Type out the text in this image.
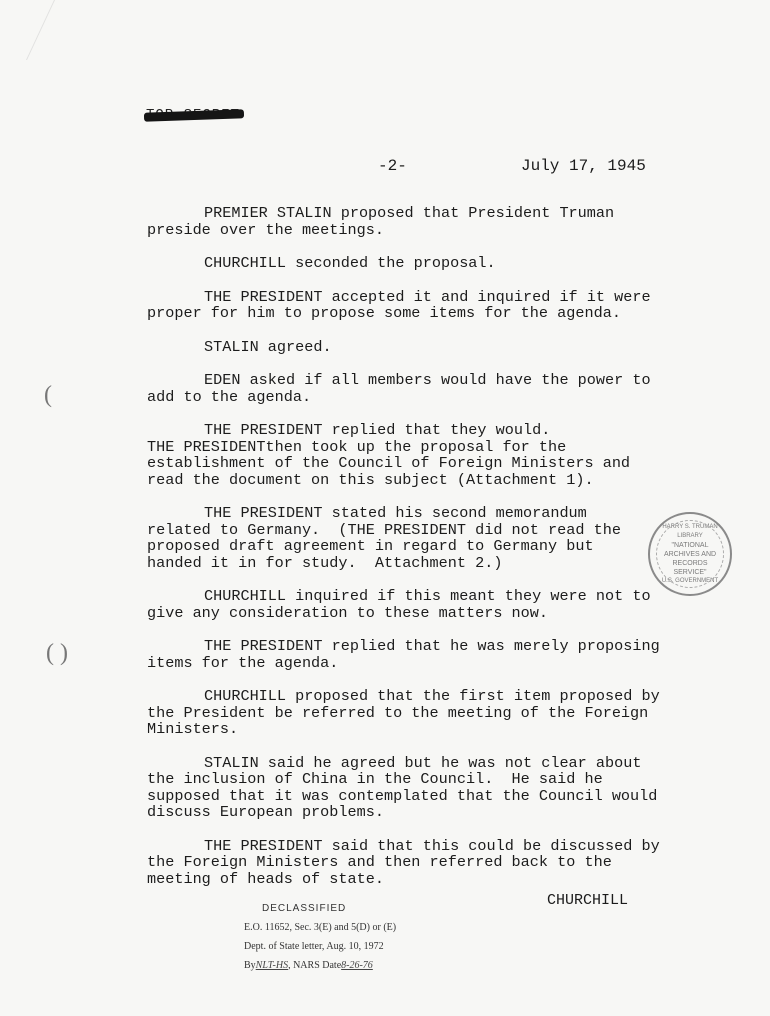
(
( )
-2-	July 17, 1945

PREMIER STALIN proposed that President Truman preside over the meetings.

CHURCHILL seconded the proposal.

THE PRESIDENT accepted it and inquired if it were proper for him to propose some items for the agenda.

STALIN agreed.

EDEN asked if all members would have the power to add to the agenda.

THE PRESIDENT replied that they would.
THE PRESIDENTthen took up the proposal for the establishment of the Council of Foreign Ministers and read the document on this subject (Attachment 1).

THE PRESIDENT stated his second memorandum related to Germany.  (THE PRESIDENT did not read the proposed draft agreement in regard to Germany but handed it in for study.  Attachment 2.)

CHURCHILL inquired if this meant they were not to give any consideration to these matters now.

THE PRESIDENT replied that he was merely proposing items for the agenda.

CHURCHILL proposed that the first item proposed by the President be referred to the meeting of the Foreign Ministers.

STALIN said he agreed but he was not clear about the inclusion of China in the Council.  He said he supposed that it was contemplated that the Council would discuss European problems.

THE PRESIDENT said that this could be discussed by the Foreign Ministers and then referred back to the meeting of heads of state.

CHURCHILL
HARRY S. TRUMAN LIBRARY
"NATIONAL
ARCHIVES AND
RECORDS
SERVICE"
U.S. GOVERNMENT
DECLASSIFIED
E.O. 11652, Sec. 3(E) and 5(D) or (E)
Dept. of State letter, Aug. 10, 1972
ByNLT-HS, NARS Date8-26-76
